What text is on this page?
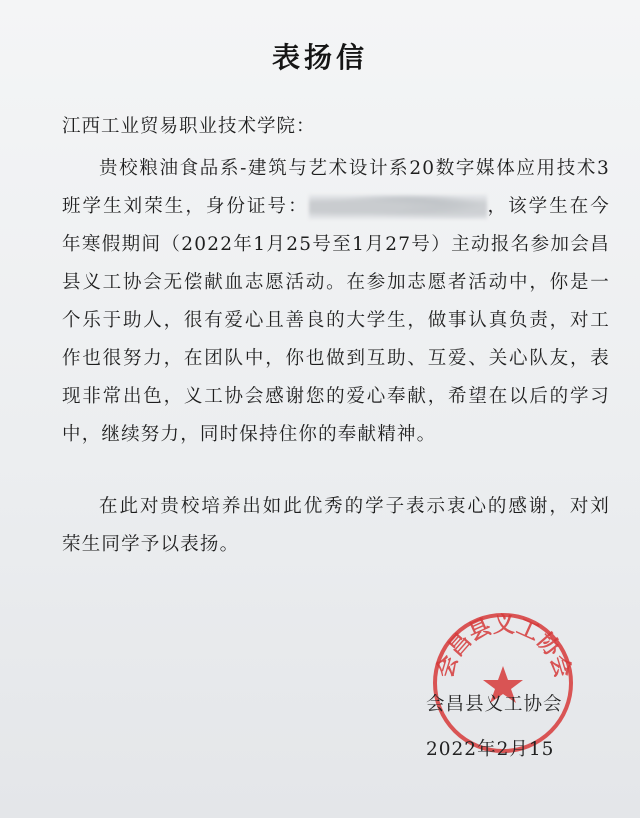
表扬信
江西工业贸易职业技术学院：
贵校粮油食品系-建筑与艺术设计系20数字媒体应用技术3班学生刘荣生，身份证号：	，该学生在今年寒假期间（2022年1月25号至1月27号）主动报名参加会昌县义工协会无偿献血志愿活动。在参加志愿者活动中，你是一个乐于助人，很有爱心且善良的大学生，做事认真负责，对工作也很努力，在团队中，你也做到互助、互爱、关心队友，表现非常出色，义工协会感谢您的爱心奉献，希望在以后的学习中，继续努力，同时保持住你的奉献精神。
在此对贵校培养出如此优秀的学子表示衷心的感谢，对刘荣生同学予以表扬。
会昌县义工协会
会昌县义工协会
2022年2月15
